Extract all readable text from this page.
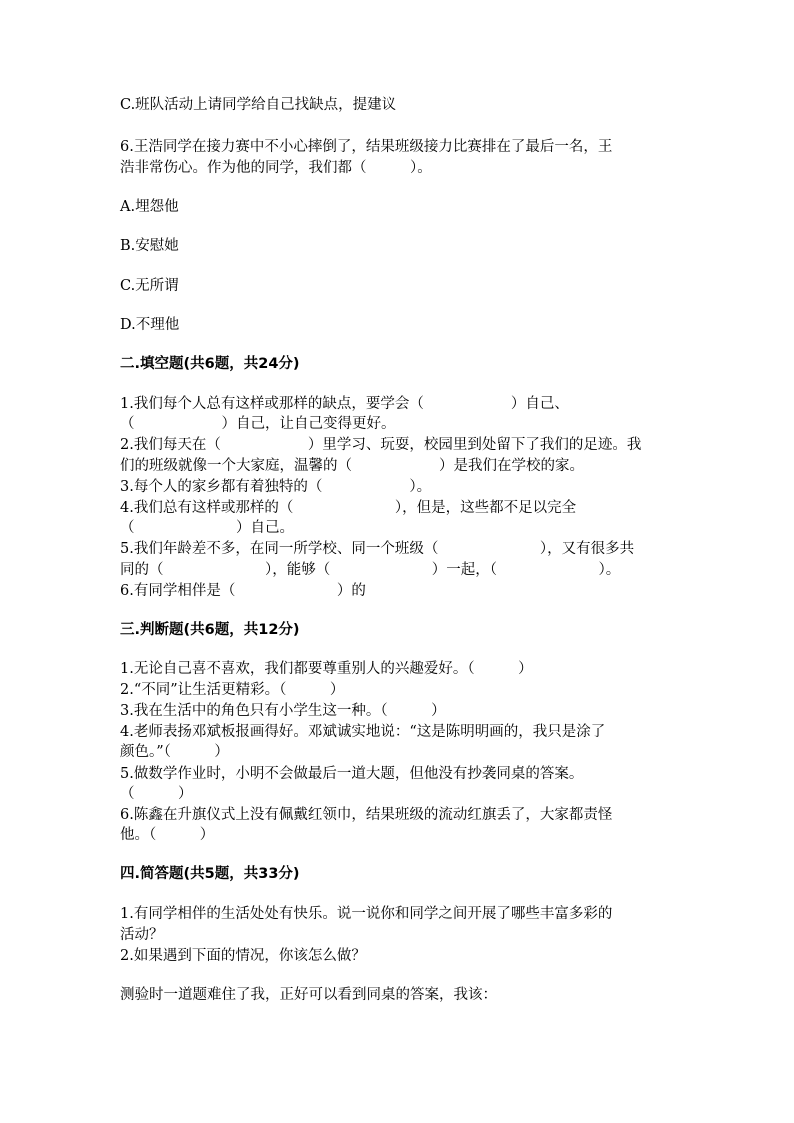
C.班队活动上请同学给自己找缺点，提建议
6.王浩同学在接力赛中不小心摔倒了，结果班级接力比赛排在了最后一名，王
浩非常伤心。作为他的同学，我们都（　　　）。
A.埋怨他
B.安慰她
C.无所谓
D.不理他
二.填空题(共6题，共24分)
1.我们每个人总有这样或那样的缺点，要学会（　　　　　　）自己、
（　　　　　　）自己，让自己变得更好。
2.我们每天在（　　　　　　）里学习、玩耍，校园里到处留下了我们的足迹。我
们的班级就像一个大家庭，温馨的（　　　　　　）是我们在学校的家。
3.每个人的家乡都有着独特的（　　　　　　）。
4.我们总有这样或那样的（　　　　　　　），但是，这些都不足以完全
（　　　　　　　）自己。
5.我们年龄差不多，在同一所学校、同一个班级（　　　　　　　），又有很多共
同的（　　　　　　　），能够（　　　　　　　）一起，（　　　　　　　）。
6.有同学相伴是（　　　　　　　）的
三.判断题(共6题，共12分)
1.无论自己喜不喜欢，我们都要尊重别人的兴趣爱好。（　　　）
2.“不同”让生活更精彩。（　　　）
3.我在生活中的角色只有小学生这一种。（　　　）
4.老师表扬邓斌板报画得好。邓斌诚实地说：“这是陈明明画的，我只是涂了
颜色。”（　　　）
5.做数学作业时，小明不会做最后一道大题，但他没有抄袭同桌的答案。
（　　　）
6.陈鑫在升旗仪式上没有佩戴红领巾，结果班级的流动红旗丢了，大家都责怪
他。（　　　）
四.简答题(共5题，共33分)
1.有同学相伴的生活处处有快乐。说一说你和同学之间开展了哪些丰富多彩的
活动？
2.如果遇到下面的情况，你该怎么做？
测验时一道题难住了我，正好可以看到同桌的答案，我该：
